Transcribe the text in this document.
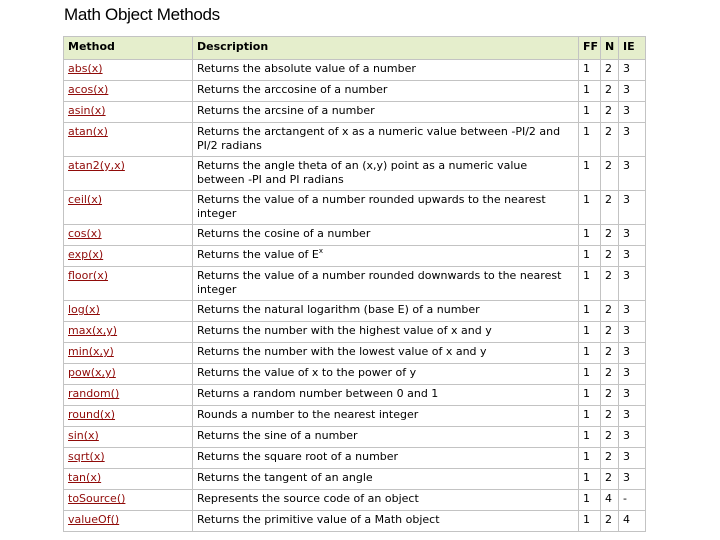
Math Object Methods
Method	Description	FF	N	IE
abs(x)	Returns the absolute value of a number	1	2	3
acos(x)	Returns the arccosine of a number	1	2	3
asin(x)	Returns the arcsine of a number	1	2	3
atan(x)	Returns the arctangent of x as a numeric value between -PI/2 and PI/2 radians	1	2	3
atan2(y,x)	Returns the angle theta of an (x,y) point as a numeric value between -PI and PI radians	1	2	3
ceil(x)	Returns the value of a number rounded upwards to the nearest integer	1	2	3
cos(x)	Returns the cosine of a number	1	2	3
exp(x)	Returns the value of $E^x$	1	2	3
floor(x)	Returns the value of a number rounded downwards to the nearest integer	1	2	3
log(x)	Returns the natural logarithm (base E) of a number	1	2	3
max(x,y)	Returns the number with the highest value of x and y	1	2	3
min(x,y)	Returns the number with the lowest value of x and y	1	2	3
pow(x,y)	Returns the value of x to the power of y	1	2	3
random()	Returns a random number between 0 and 1	1	2	3
round(x)	Rounds a number to the nearest integer	1	2	3
sin(x)	Returns the sine of a number	1	2	3
sqrt(x)	Returns the square root of a number	1	2	3
tan(x)	Returns the tangent of an angle	1	2	3
toSource()	Represents the source code of an object	1	4	-
valueOf()	Returns the primitive value of a Math object	1	2	4
